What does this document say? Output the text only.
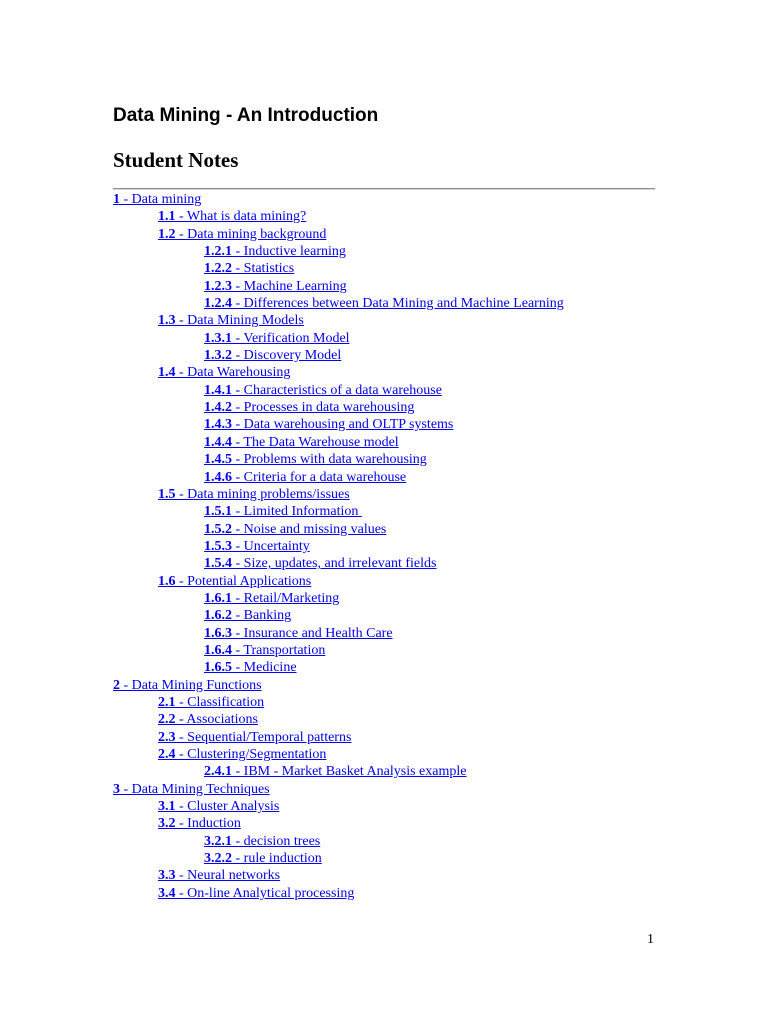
Data Mining - An Introduction
Student Notes
1 - Data mining
1.1 - What is data mining?
1.2 - Data mining background
1.2.1 - Inductive learning
1.2.2 - Statistics
1.2.3 - Machine Learning
1.2.4 - Differences between Data Mining and Machine Learning
1.3 - Data Mining Models
1.3.1 - Verification Model
1.3.2 - Discovery Model
1.4 - Data Warehousing
1.4.1 - Characteristics of a data warehouse
1.4.2 - Processes in data warehousing
1.4.3 - Data warehousing and OLTP systems
1.4.4 - The Data Warehouse model
1.4.5 - Problems with data warehousing
1.4.6 - Criteria for a data warehouse
1.5 - Data mining problems/issues
1.5.1 - Limited Information
1.5.2 - Noise and missing values
1.5.3 - Uncertainty
1.5.4 - Size, updates, and irrelevant fields
1.6 - Potential Applications
1.6.1 - Retail/Marketing
1.6.2 - Banking
1.6.3 - Insurance and Health Care
1.6.4 - Transportation
1.6.5 - Medicine
2 - Data Mining Functions
2.1 - Classification
2.2 - Associations
2.3 - Sequential/Temporal patterns
2.4 - Clustering/Segmentation
2.4.1 - IBM - Market Basket Analysis example
3 - Data Mining Techniques
3.1 - Cluster Analysis
3.2 - Induction
3.2.1 - decision trees
3.2.2 - rule induction
3.3 - Neural networks
3.4 - On-line Analytical processing
1
